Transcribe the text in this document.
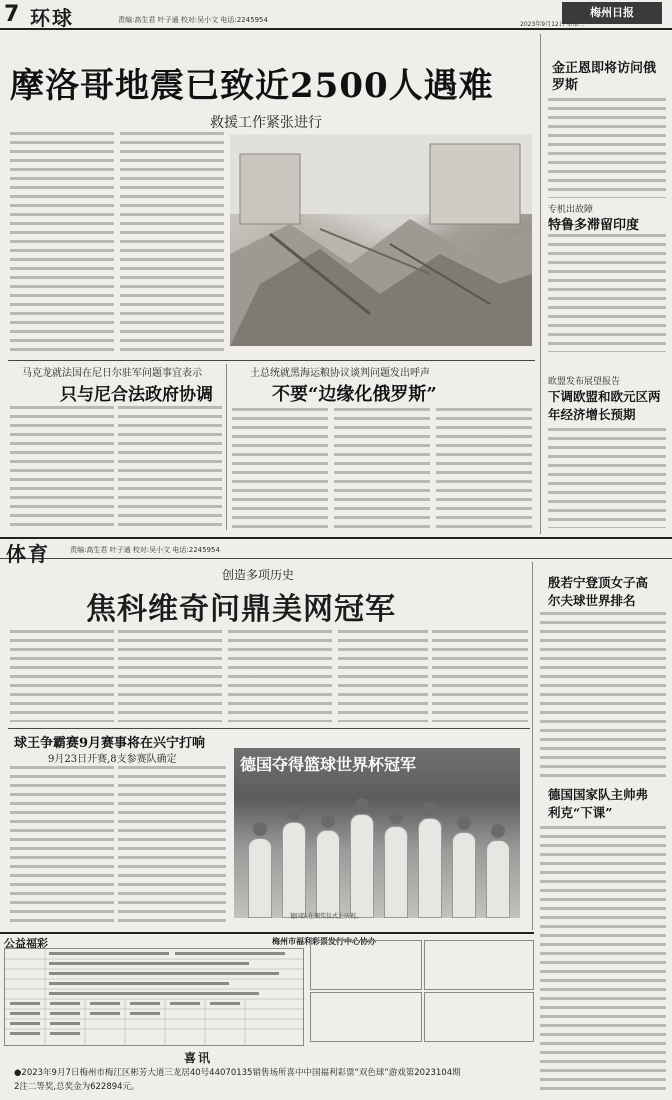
7 环球	责编:高生君 叶子通 校对:吴小文 电话:2245954
梅州日报
2023年9月12日 星期二
摩洛哥地震已致近2500人遇难
救援工作紧张进行
马克龙就法国在尼日尔驻军问题事宜表示
只与尼合法政府协调
土总统就黑海运粮协议谈判问题发出呼声
不要“边缘化俄罗斯”
金正恩即将访问俄罗斯
专机出故障
特鲁多滞留印度
欧盟发布展望报告
下调欧盟和欧元区两年经济增长预期
体育	责编:高生君 叶子通 校对:吴小文 电话:2245954
创造多项历史
焦科维奇问鼎美网冠军
球王争霸赛9月赛事将在兴宁打响
9月23日开赛,8支参赛队确定	德国夺得篮球世界杯冠军
德国队在颁奖仪式上庆祝。
殷若宁登顶女子高尔夫球世界排名
德国国家队主帅弗利克“下课”
公益福彩	梅州市福利彩票发行中心协办
喜讯
●2023年9月7日梅州市梅江区彬芳大道三龙居40号44070135销售场所喜中中国福利彩票“双色球”游戏第2023104期2注二等奖,总奖金为622894元。
